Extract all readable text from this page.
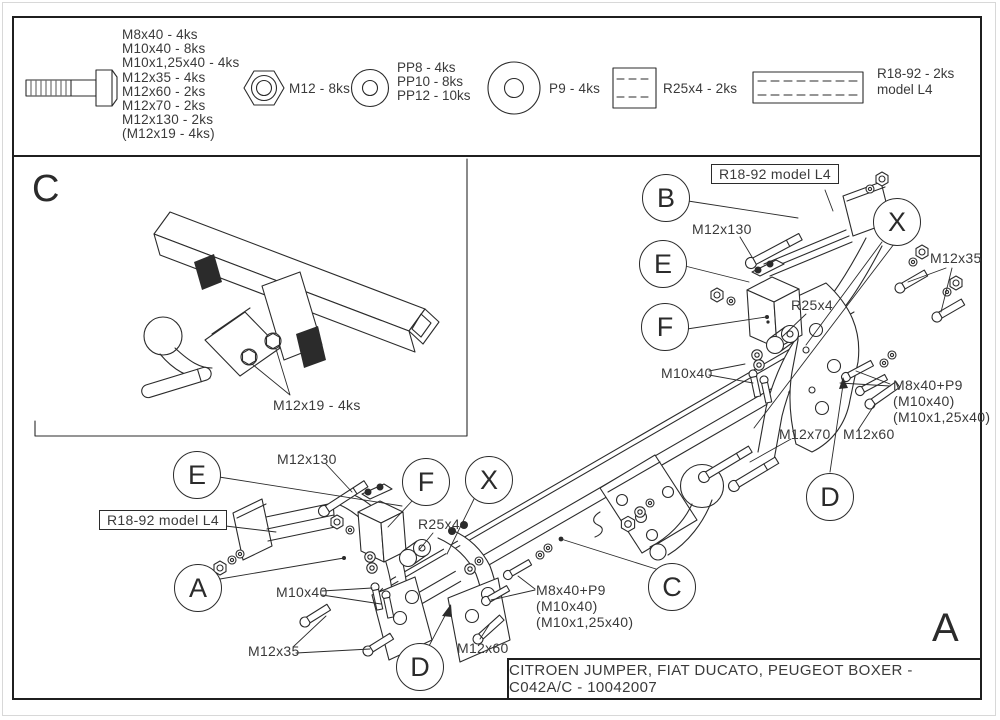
M8x40 - 4ks
M10x40 - 8ks
M10x1,25x40 - 4ks
M12x35 - 4ks
M12x60 - 2ks
M12x70 - 2ks
M12x130 - 2ks
(M12x19 - 4ks)
M12 - 8ks
PP8 - 4ks
PP10 - 8ks
PP12 - 10ks	P9 - 4ks	R25x4 - 2ks
R18-92 - 2ks
model L4
M12x130
M12x35
R25x4
M10x40
M8x40+P9
(M10x40)
(M10x1,25x40)
M12x70 M12x60
M12x130
R25x4
M10x40
M12x35	M12x60
M8x40+P9
(M10x40)
(M10x1,25x40)
M12x19 - 4ks
R18-92 model L4
R18-92 model L4
B
E
F
X
D
E	F	X
A
D
C
C
A
CITROEN JUMPER, FIAT DUCATO, PEUGEOT BOXER - C042A/C - 10042007
